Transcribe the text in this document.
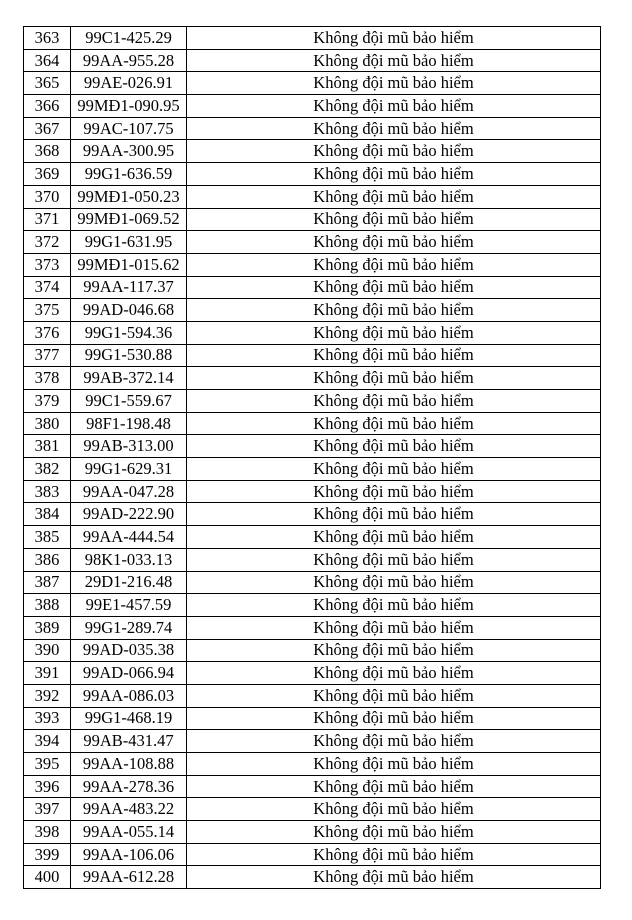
363	99C1-425.29	Không đội mũ bảo hiểm
364	99AA-955.28	Không đội mũ bảo hiểm
365	99AE-026.91	Không đội mũ bảo hiểm
366	99MĐ1-090.95	Không đội mũ bảo hiểm
367	99AC-107.75	Không đội mũ bảo hiểm
368	99AA-300.95	Không đội mũ bảo hiểm
369	99G1-636.59	Không đội mũ bảo hiểm
370	99MĐ1-050.23	Không đội mũ bảo hiểm
371	99MĐ1-069.52	Không đội mũ bảo hiểm
372	99G1-631.95	Không đội mũ bảo hiểm
373	99MĐ1-015.62	Không đội mũ bảo hiểm
374	99AA-117.37	Không đội mũ bảo hiểm
375	99AD-046.68	Không đội mũ bảo hiểm
376	99G1-594.36	Không đội mũ bảo hiểm
377	99G1-530.88	Không đội mũ bảo hiểm
378	99AB-372.14	Không đội mũ bảo hiểm
379	99C1-559.67	Không đội mũ bảo hiểm
380	98F1-198.48	Không đội mũ bảo hiểm
381	99AB-313.00	Không đội mũ bảo hiểm
382	99G1-629.31	Không đội mũ bảo hiểm
383	99AA-047.28	Không đội mũ bảo hiểm
384	99AD-222.90	Không đội mũ bảo hiểm
385	99AA-444.54	Không đội mũ bảo hiểm
386	98K1-033.13	Không đội mũ bảo hiểm
387	29D1-216.48	Không đội mũ bảo hiểm
388	99E1-457.59	Không đội mũ bảo hiểm
389	99G1-289.74	Không đội mũ bảo hiểm
390	99AD-035.38	Không đội mũ bảo hiểm
391	99AD-066.94	Không đội mũ bảo hiểm
392	99AA-086.03	Không đội mũ bảo hiểm
393	99G1-468.19	Không đội mũ bảo hiểm
394	99AB-431.47	Không đội mũ bảo hiểm
395	99AA-108.88	Không đội mũ bảo hiểm
396	99AA-278.36	Không đội mũ bảo hiểm
397	99AA-483.22	Không đội mũ bảo hiểm
398	99AA-055.14	Không đội mũ bảo hiểm
399	99AA-106.06	Không đội mũ bảo hiểm
400	99AA-612.28	Không đội mũ bảo hiểm
